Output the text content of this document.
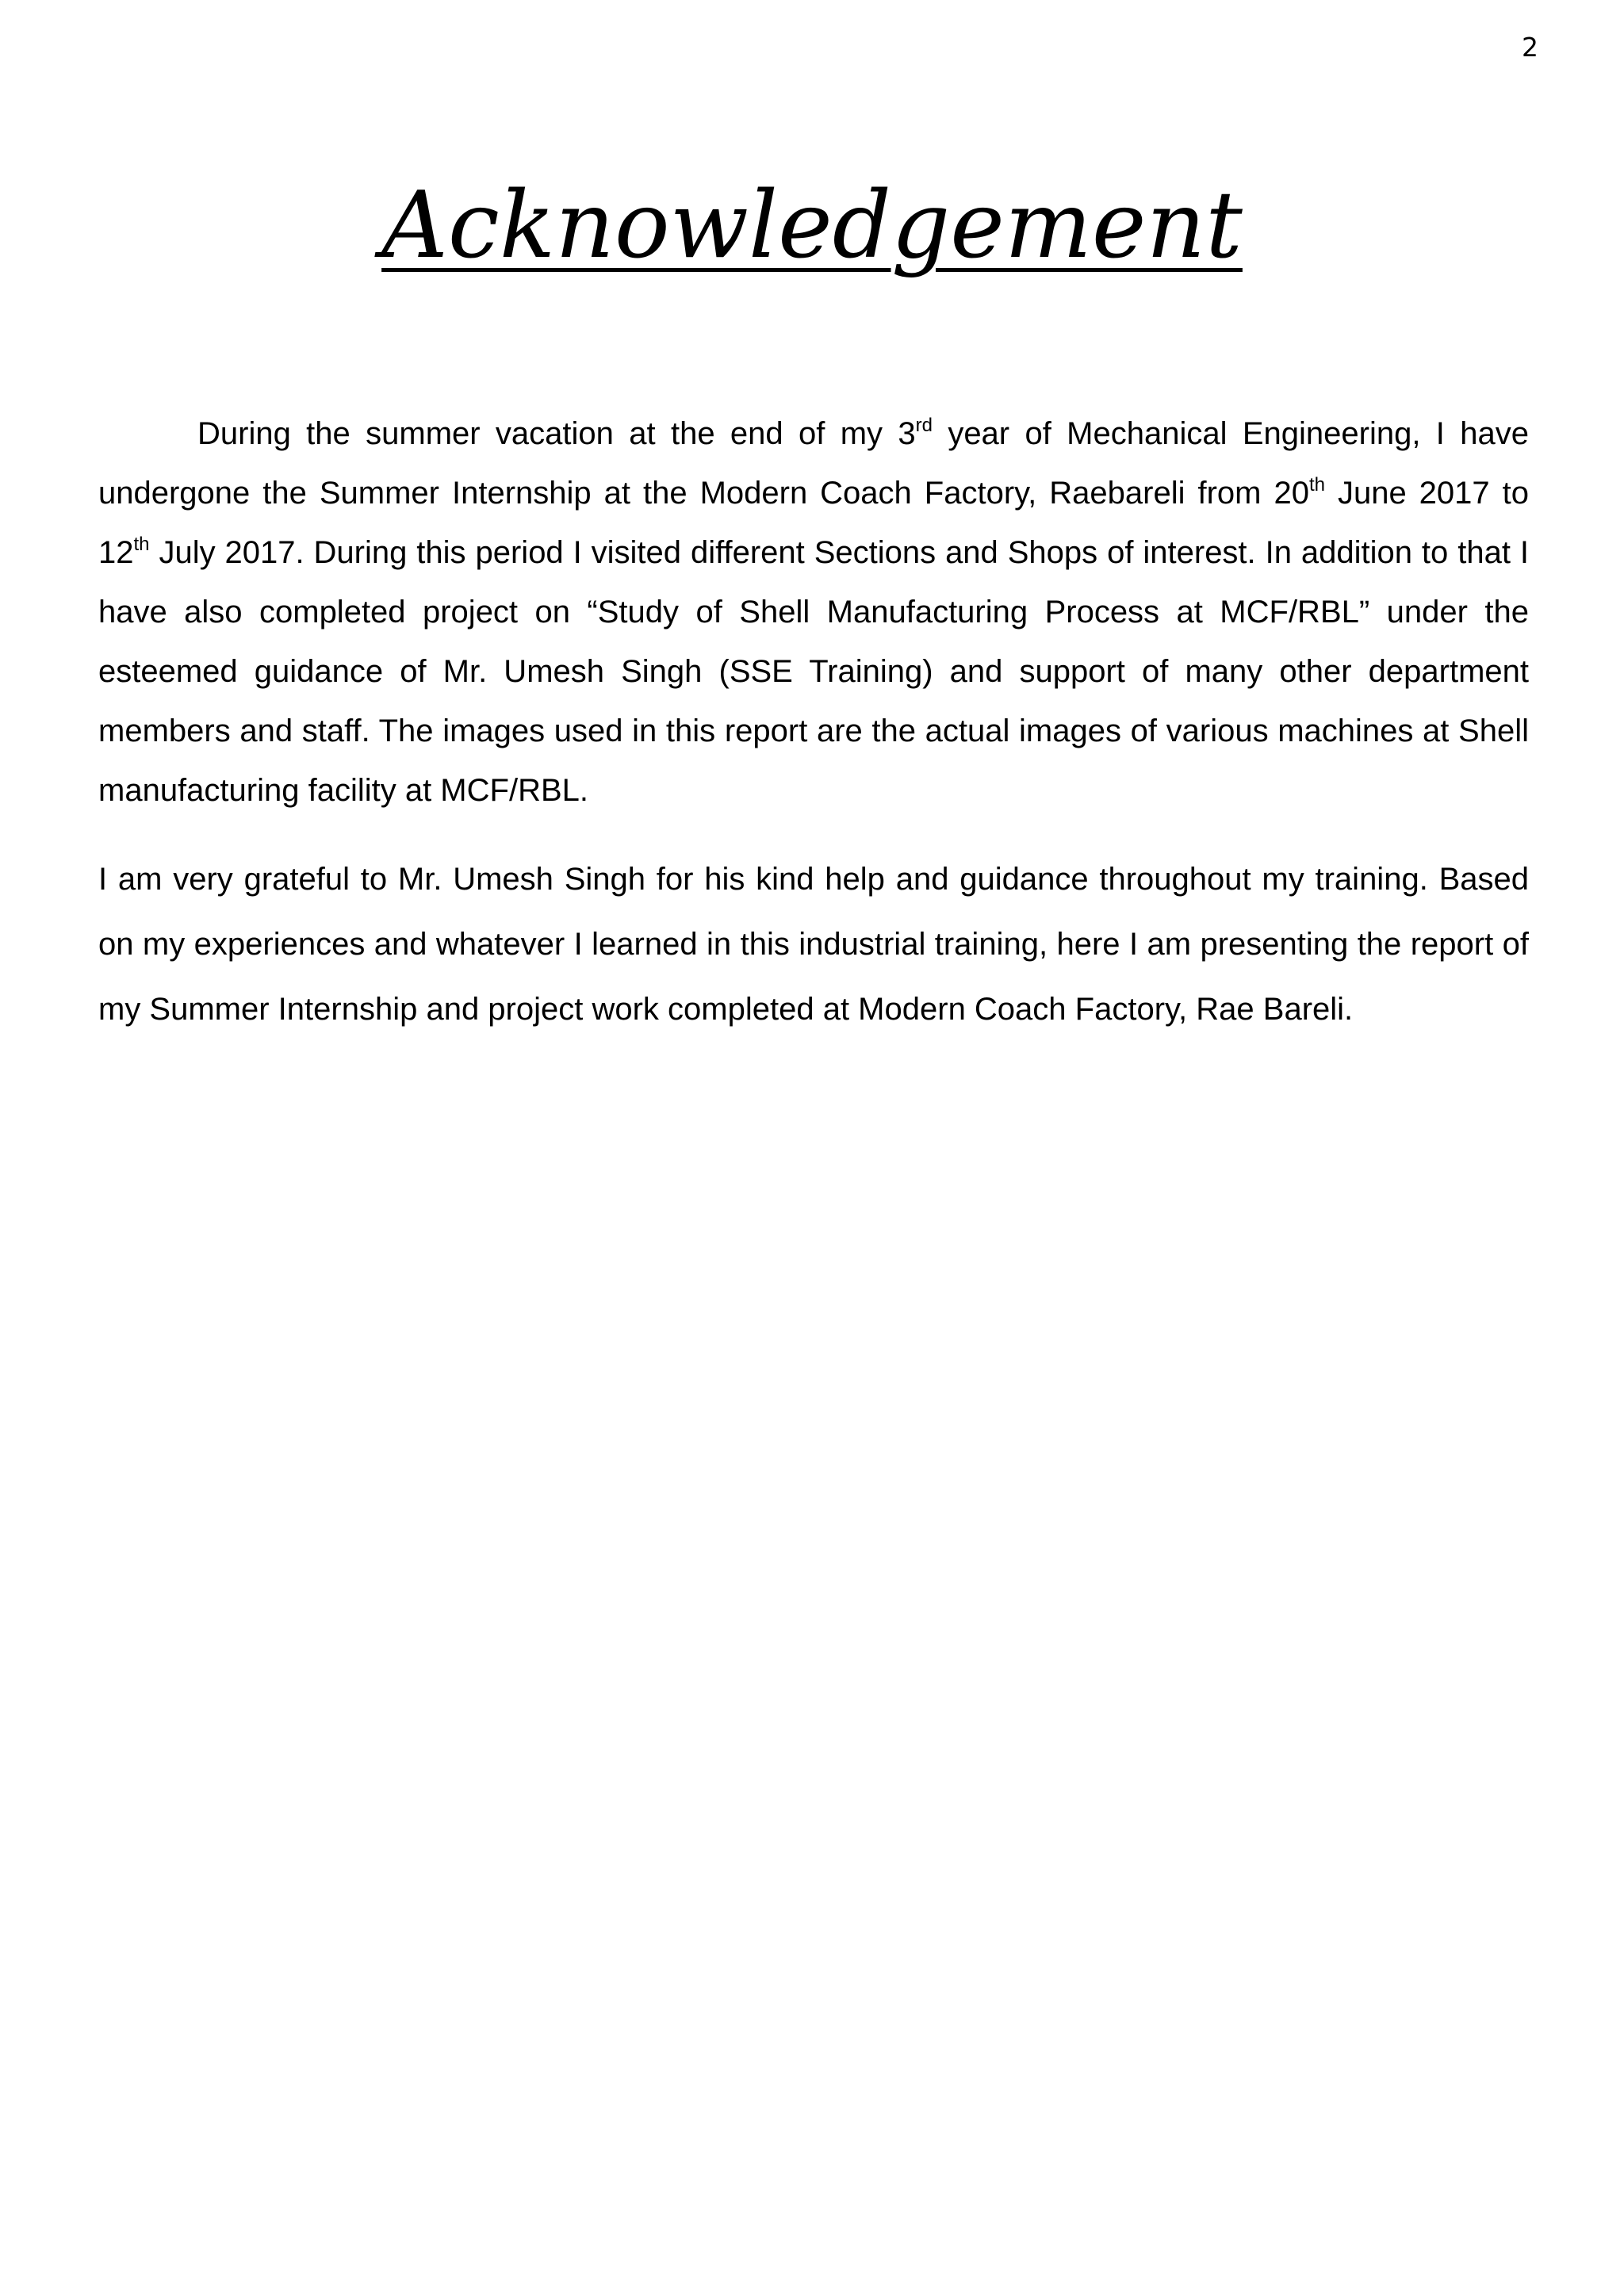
2
Acknowledgement

During the summer vacation at the end of my 3rd year of Mechanical Engineering, I have undergone the Summer Internship at the Modern Coach Factory, Raebareli from 20th June 2017 to 12th July 2017. During this period I visited different Sections and Shops of interest. In addition to that I have also completed project on “Study of Shell Manufacturing Process at MCF/RBL” under the esteemed guidance of Mr. Umesh Singh (SSE Training) and support of many other department members and staff. The images used in this report are the actual images of various machines at Shell manufacturing facility at MCF/RBL.

I am very grateful to Mr. Umesh Singh for his kind help and guidance throughout my training. Based on my experiences and whatever I learned in this industrial training, here I am presenting the report of my Summer Internship and project work completed at Modern Coach Factory, Rae Bareli.
